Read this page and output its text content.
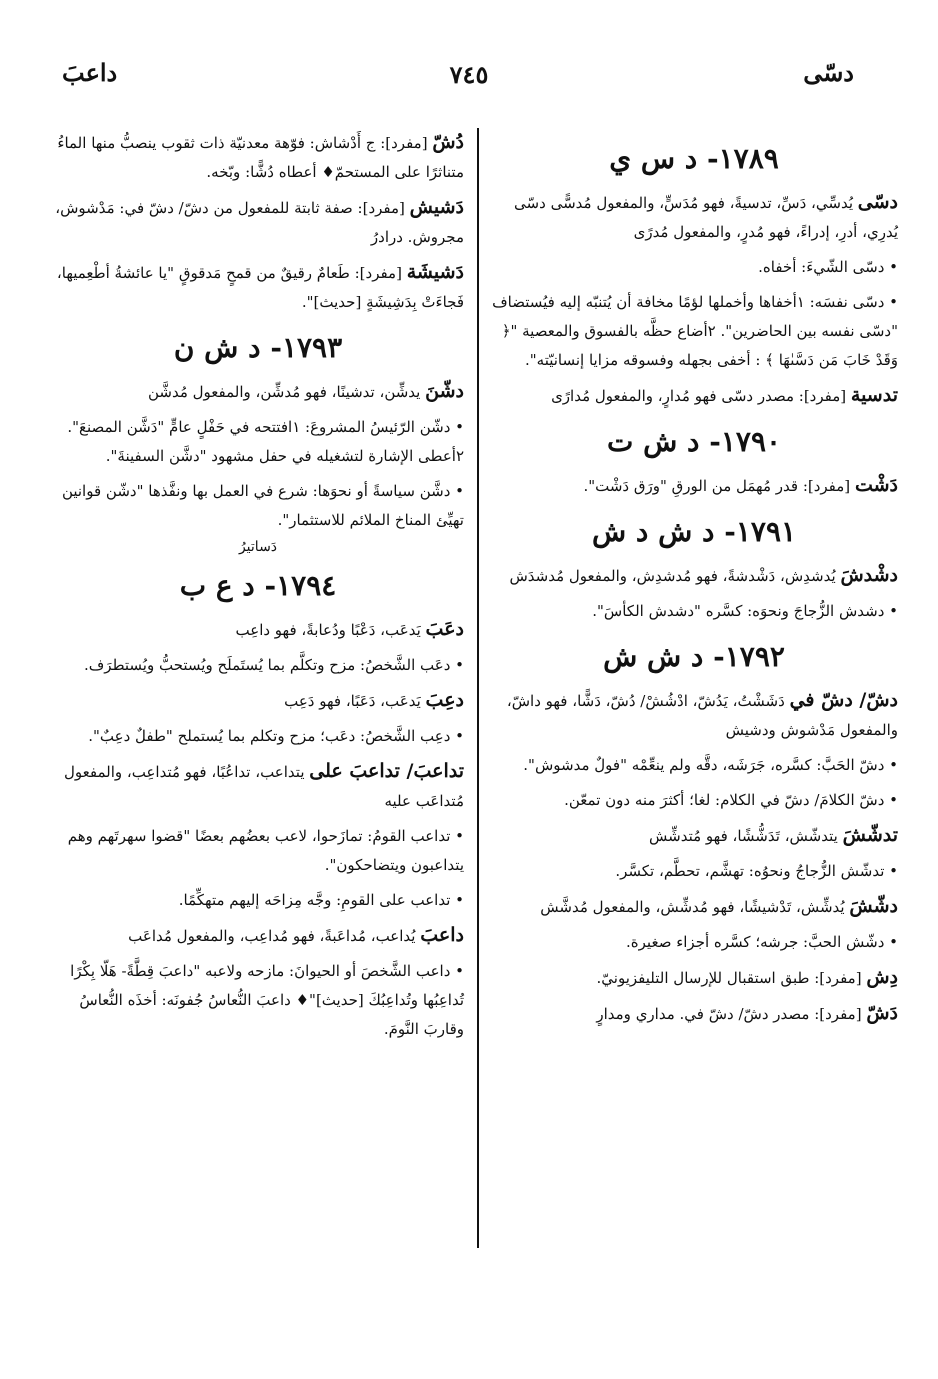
دسّى
٧٤٥
داعبَ
١٧٨٩- د س ي
دسّى يُدسِّي، دَسِّ، تدسيةً، فهو مُدَسٍّ، والمفعول مُدسًّى دسّى يُدرِي، أدرِ، إدراءً، فهو مُدرٍ، والمفعول مُدرًى
• دسّى الشّيءَ: أخفاه.
• دسّى نفسَه: ١أخفاها وأخملها لؤمًا مخافة أن يُتنبّه إليه فيُستضاف "دسّى نفسه بين الحاضرين". ٢أضاع حظَّه بالفسوق والمعصية "﴿ وَقَدْ خَابَ مَن دَسَّىٰهَا ﴾ : أخفى بجهله وفسوقه مزايا إنسانيّته".
تدسية [مفرد]: مصدر دسّى فهو مُدارٍ، والمفعول مُدارًى
١٧٩٠- د ش ت
دَشْت [مفرد]: قدر مُهمَل من الورقِ "ورَق دَشْت".
١٧٩١- د ش د ش
دشْدشَ يُدشدِش، دَشْدشةً، فهو مُدشدِش، والمفعول مُدشدَش
• دشدش الزُّجاجَ ونحوَه: كسَّره "دشدش الكأسَ".
١٧٩٢- د ش ش
دشّ/ دشّ في دَشَشْتُ، يَدُشّ، ادْشُشْ/ دُشّ، دَشًّا، فهو داشّ، والمفعول مَدْشوش ودشيش
• دشّ الحَبَّ: كسَّره، جَرَشَه، دقَّه ولم ينعِّمْه "فولٌ مدشوش".
• دشّ الكلامَ/ دشّ في الكلام: لغا؛ أكثرَ منه دون تمعّن.
تدشّشَ يتدشّش، تَدَشُّشًا، فهو مُتدشِّش
• تدشّش الزُّجاجُ ونحوُه: تهشَّم، تحطَّم، تكسَّر.
دشّشَ يُدشِّش، تَدْشيشًا، فهو مُدشِّش، والمفعول مُدشَّش
• دشّش الحبَّ: جرشه؛ كسَّره أجزاء صغيرة.
دِش [مفرد]: طبق استقبال للإرسال التليفزيونيّ.
دَشّ [مفرد]: مصدر دشّ/ دشّ في. مداري ومدارٍ
دُشّ [مفرد]: ج أَدْشاش: فوّهة معدنيّة ذات ثقوب ينصبُّ منها الماءُ متناثرًا على المستحمّ♦ أعطاه دُشًّا: وبّخه.
دَشيش [مفرد]: صفة ثابتة للمفعول من دشّ/ دشّ في: مَدْشوش، مجروش. درادرُ
دَشيشَة [مفرد]: طَعامٌ رقيقٌ من قمحٍ مَدقوقٍ "يا عائشةُ أطْعِميها، فَجاءَتْ بِدَشِيشَةٍ [حديث]".
١٧٩٣- د ش ن
دشّنَ يدشِّن، تدشينًا، فهو مُدشِّن، والمفعول مُدشَّن
• دشّن الرّئيسُ المشروعَ: ١افتتحه في حَفْلٍ عامٍّ "دَشَّن المصنعَ". ٢أعطى الإشارة لتشغيله في حفل مشهود "دشَّن السفينةَ".
• دشَّن سياسةً أو نحوَها: شرع في العمل بها ونفَّذها "دشّن قوانين تهيِّئ المناخ الملائم للاستثمار".
دَساتيرُ
١٧٩٤- د ع ب
دعَبَ يَدعَب، دَعْبًا ودُعابةً، فهو داعِب
• دعَب الشَّخصُ: مزح وتكلَّم بما يُستَملَح ويُستحبُّ ويُستطرَف.
دعِبَ يَدعَب، دَعَبًا، فهو دَعِب
• دعِب الشَّخصُ: دعَب؛ مزح وتكلم بما يُستملح "طفلٌ دعِبٌ".
تداعبَ/ تداعبَ على يتداعب، تداعُبًا، فهو مُتداعِب، والمفعول مُتداعَب عليه
• تداعب القومُ: تمازَحوا، لاعب بعضُهم بعضًا "قضوا سهرتَهم وهم يتداعبون ويتضاحكون".
• تداعب على القومِ: وجَّه مِزاحَه إليهم متهكِّمًا.
داعبَ يُداعب، مُداعَبةً، فهو مُداعِب، والمفعول مُداعَب
• داعب الشَّخصَ أو الحيوانَ: مازحه ولاعبه "داعبَ قِطَّةً- هَلّا بِكْرًا تُداعِبُها وتُداعِبُكَ [حديث]"♦ داعبَ النُّعاسُ جُفونَه: أخذَه النُّعاسُ وقاربَ النَّومَ.
